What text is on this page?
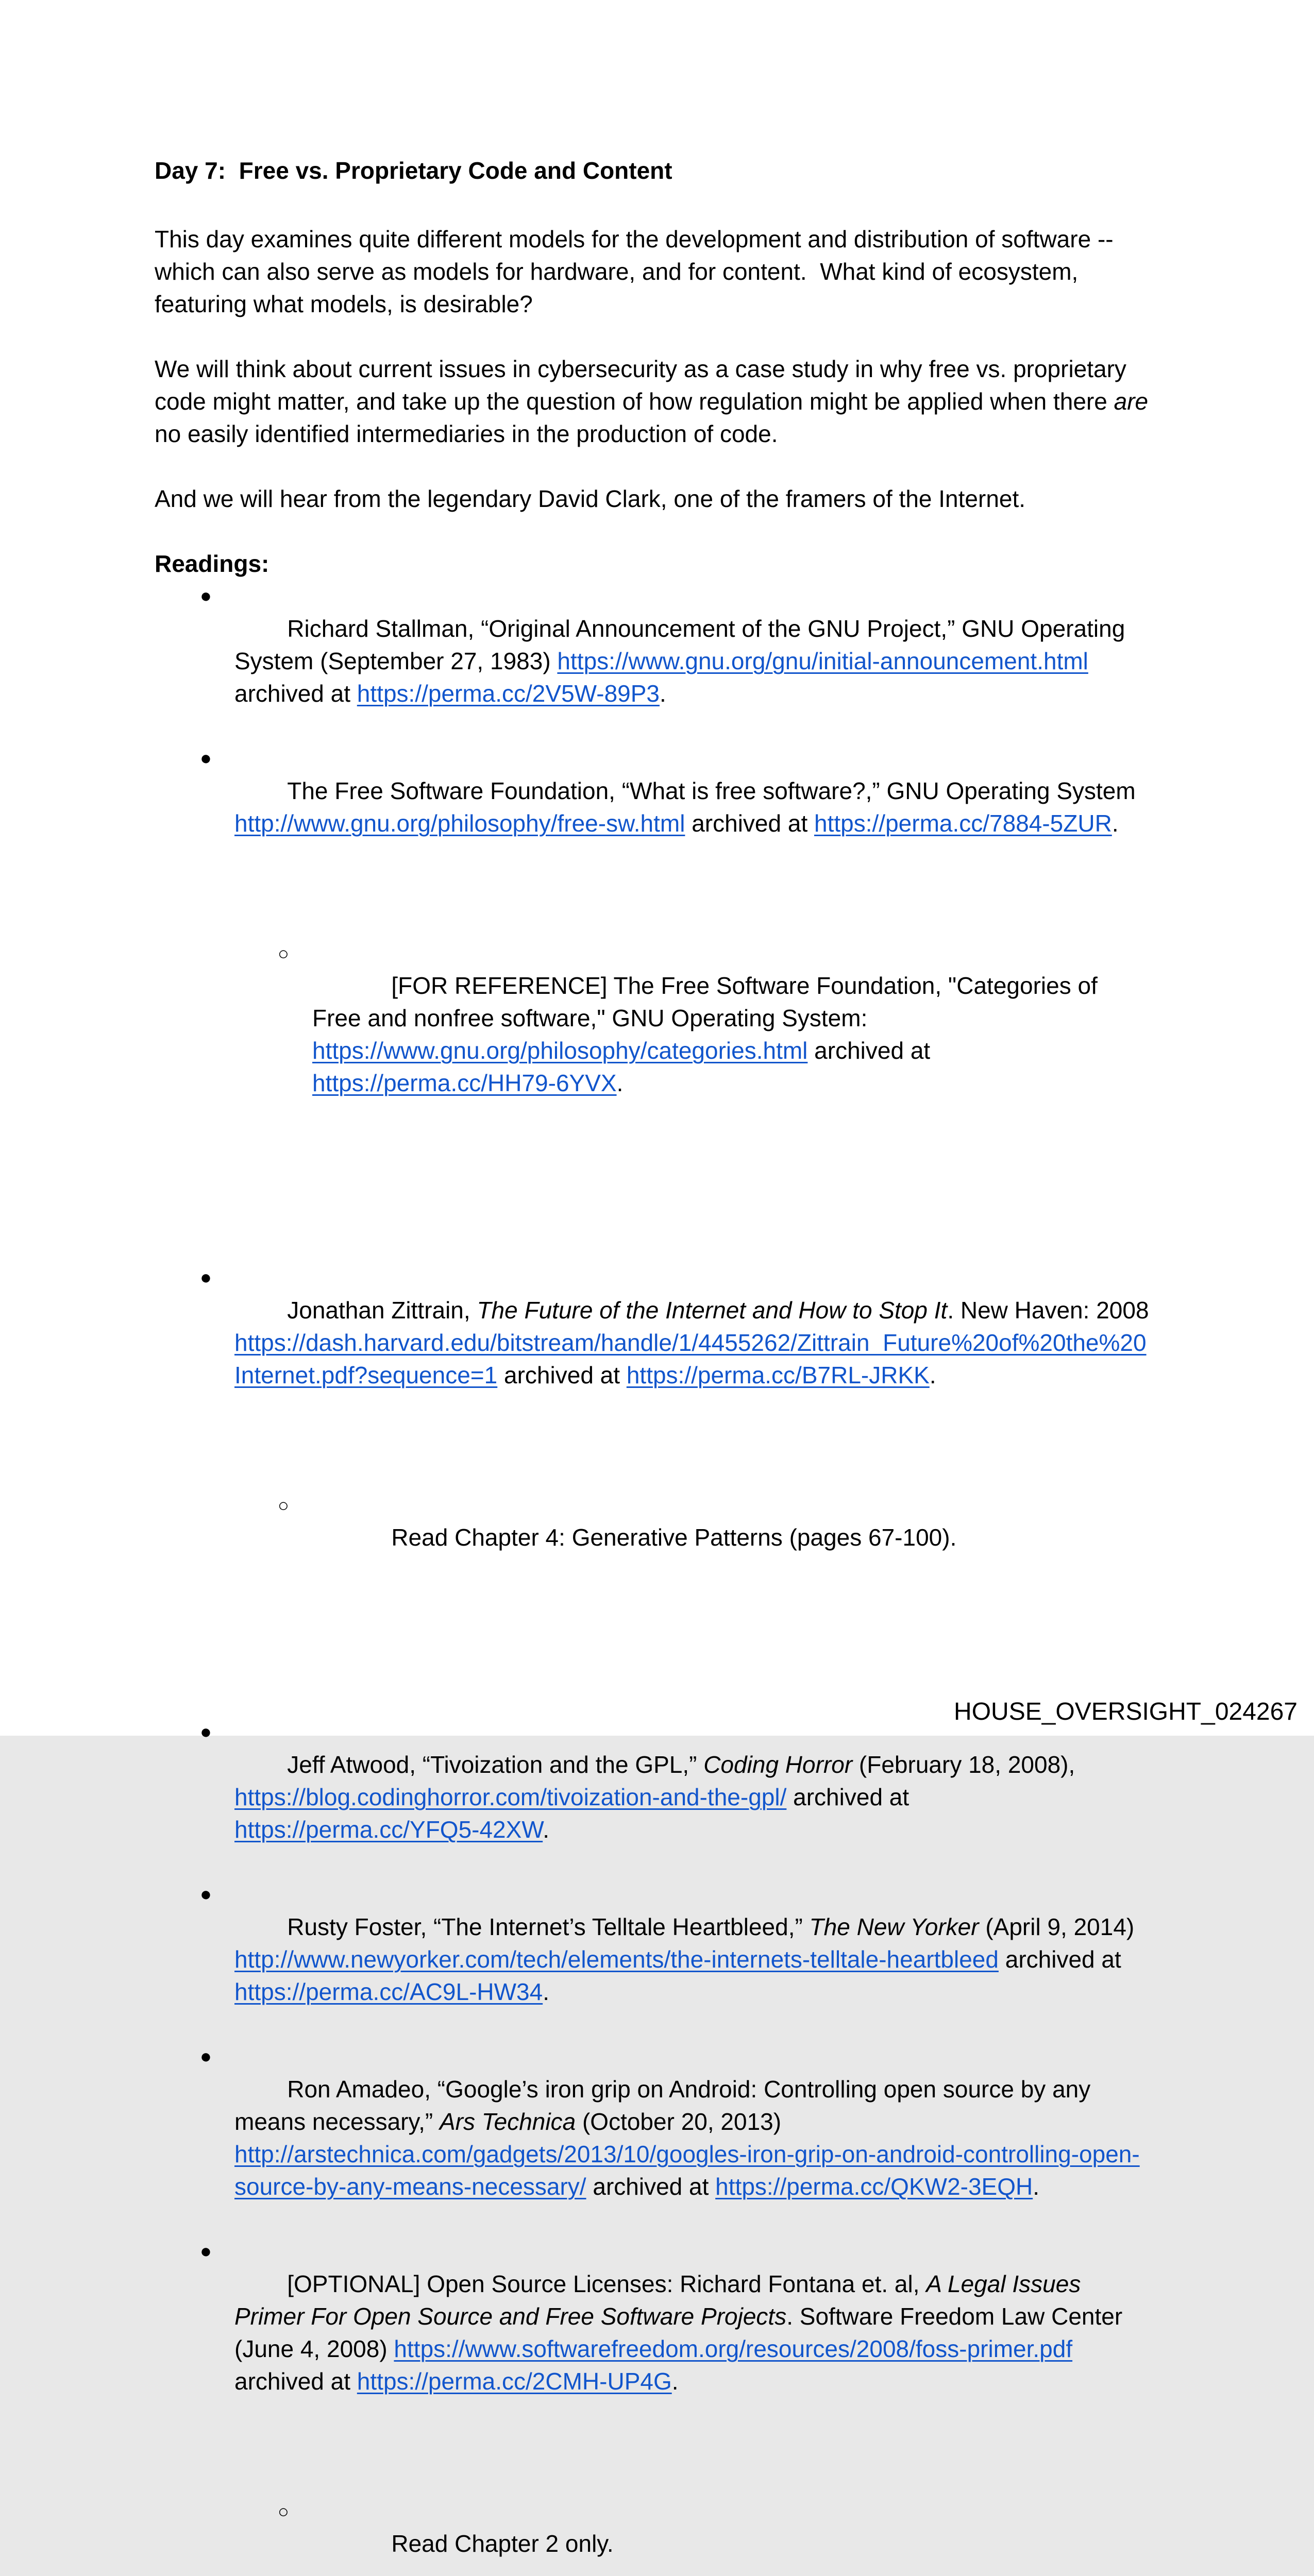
Day 7:  Free vs. Proprietary Code and Content

This day examines quite different models for the development and distribution of software -- which can also serve as models for hardware, and for content.  What kind of ecosystem, featuring what models, is desirable?

We will think about current issues in cybersecurity as a case study in why free vs. proprietary code might matter, and take up the question of how regulation might be applied when there are no easily identified intermediaries in the production of code.

And we will hear from the legendary David Clark, one of the framers of the Internet.

Readings:

●
Richard Stallman, “Original Announcement of the GNU Project,” GNU Operating System (September 27, 1983) https://www.gnu.org/gnu/initial-announcement.html archived at https://perma.cc/2V5W-89P3.

●
The Free Software Foundation, “What is free software?,” GNU Operating System http://www.gnu.org/philosophy/free-sw.html archived at https://perma.cc/7884-5ZUR.

○
[FOR REFERENCE] The Free Software Foundation, "Categories of Free and nonfree software," GNU Operating System: https://www.gnu.org/philosophy/categories.html archived at https://perma.cc/HH79-6YVX.

●
Jonathan Zittrain, The Future of the Internet and How to Stop It. New Haven: 2008 https://dash.harvard.edu/bitstream/handle/1/4455262/Zittrain_Future%20of%20the%20Internet.pdf?sequence=1 archived at https://perma.cc/B7RL-JRKK.

○
Read Chapter 4: Generative Patterns (pages 67-100).

●
Jeff Atwood, “Tivoization and the GPL,” Coding Horror (February 18, 2008), https://blog.codinghorror.com/tivoization-and-the-gpl/ archived at https://perma.cc/YFQ5-42XW.

●
Rusty Foster, “The Internet’s Telltale Heartbleed,” The New Yorker (April 9, 2014) http://www.newyorker.com/tech/elements/the-internets-telltale-heartbleed archived at https://perma.cc/AC9L-HW34.

●
Ron Amadeo, “Google’s iron grip on Android: Controlling open source by any means necessary,” Ars Technica (October 20, 2013) http://arstechnica.com/gadgets/2013/10/googles-iron-grip-on-android-controlling-open-source-by-any-means-necessary/ archived at https://perma.cc/QKW2-3EQH.

●
[OPTIONAL] Open Source Licenses: Richard Fontana et. al, A Legal Issues Primer For Open Source and Free Software Projects. Software Freedom Law Center (June 4, 2008) https://www.softwarefreedom.org/resources/2008/foss-primer.pdf archived at https://perma.cc/2CMH-UP4G.

○
Read Chapter 2 only.

HOUSE_OVERSIGHT_024267
